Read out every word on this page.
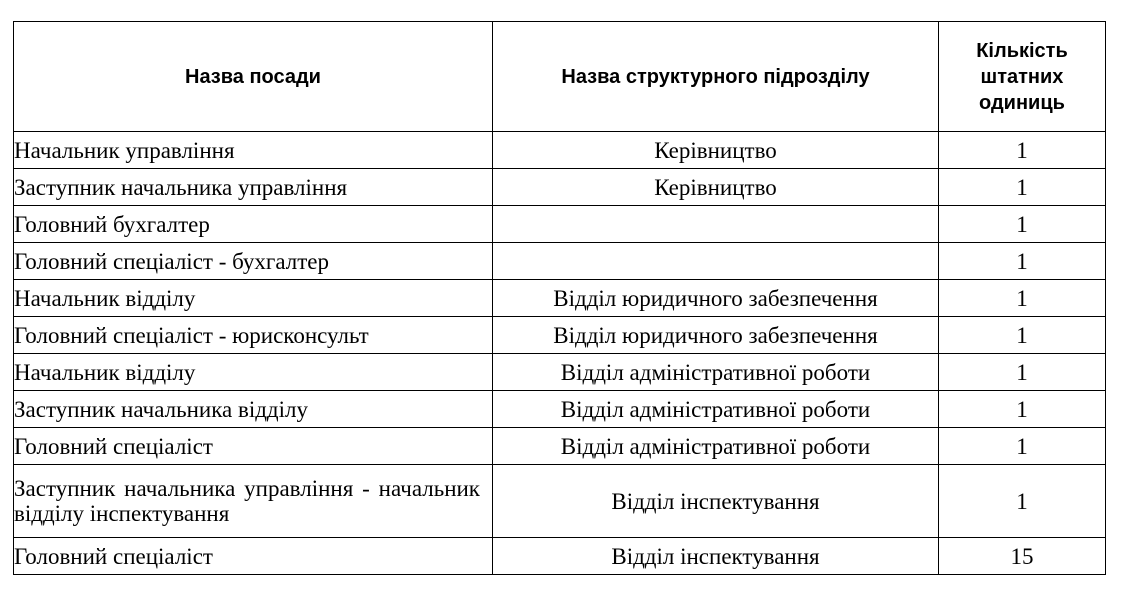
Назва посади	Назва структурного підрозділу	Кількість
штатних
одиниць

Начальник управління	Керівництво	1
Заступник начальника управління	Керівництво	1
Головний бухгалтер		1
Головний спеціаліст - бухгалтер		1
Начальник відділу	Відділ юридичного забезпечення	1
Головний спеціаліст - юрисконсульт	Відділ юридичного забезпечення	1
Начальник відділу	Відділ адміністративної роботи	1
Заступник начальника відділу	Відділ адміністративної роботи	1
Головний спеціаліст	Відділ адміністративної роботи	1
Заступник начальника управління - начальник відділу інспектування	Відділ інспектування	1
Головний спеціаліст	Відділ інспектування	15
